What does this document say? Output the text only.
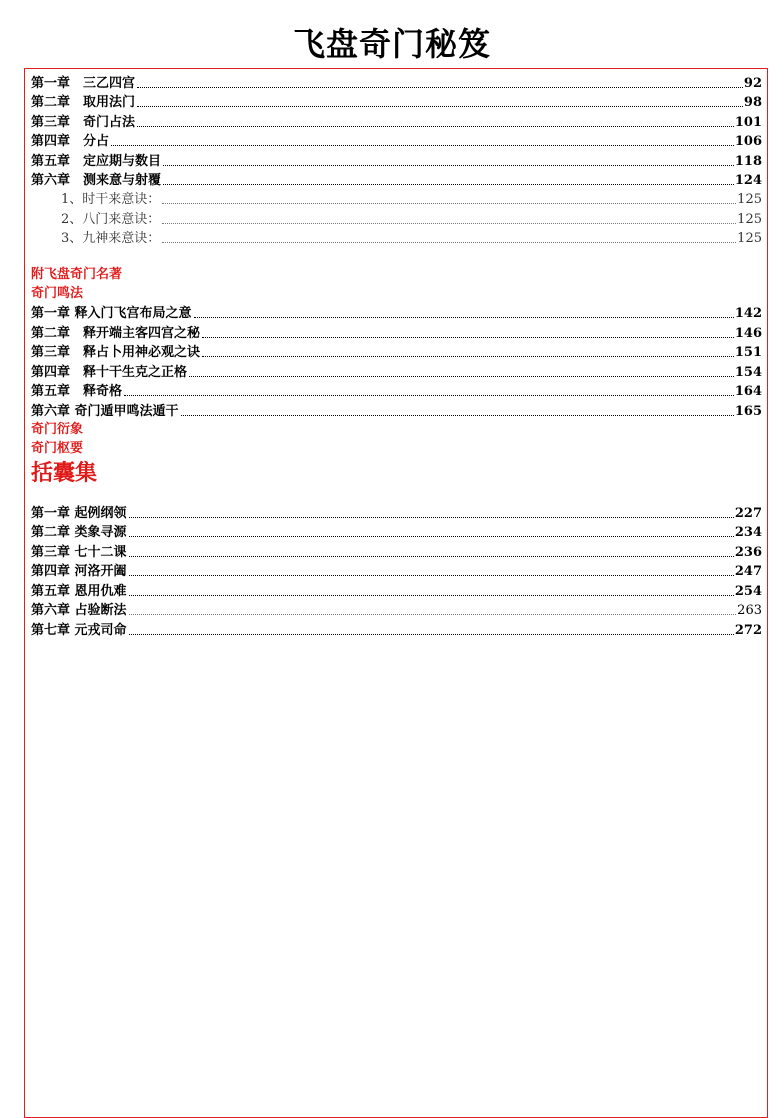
飞盘奇门秘笈
第一章　三乙四宫	92
第二章　取用法门	98
第三章　奇门占法	101
第四章　分占	106
第五章　定应期与数目	118
第六章　测来意与射覆	124
1、时干来意诀：	125
2、八门来意诀：	125
3、九神来意诀：	125
附飞盘奇门名著
奇门鸣法
第一章 释入门飞宫布局之意	142
第二章　释开端主客四宫之秘	146
第三章　释占卜用神必观之诀	151
第四章　释十干生克之正格	154
第五章　释奇格	164
第六章 奇门遁甲鸣法遁干	165
奇门衍象
奇门枢要
括囊集
第一章 起例纲领	227
第二章 类象寻源	234
第三章 七十二课	236
第四章 河洛开阖	247
第五章 恩用仇难	254
第六章 占验断法	263
第七章 元戎司命	272
